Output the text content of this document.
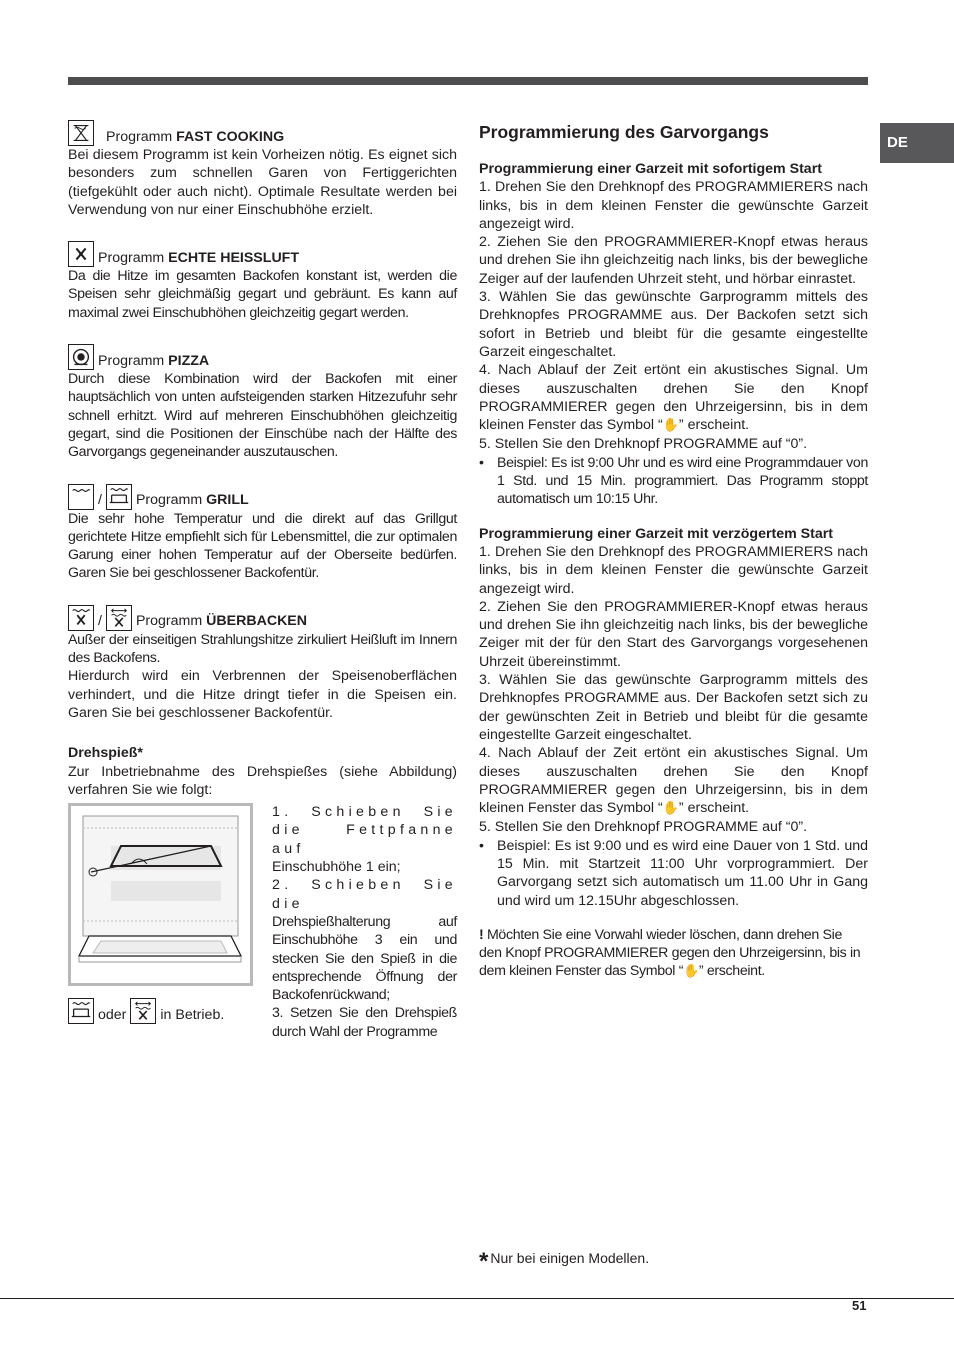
DE
Programm FAST COOKING

Bei diesem Programm ist kein Vorheizen nötig. Es eignet sich besonders zum schnellen Garen von Fertiggerichten (tiefgekühlt oder auch nicht). Optimale Resultate werden bei Verwendung von nur einer Einschubhöhe erzielt.

Programm ECHTE HEISSLUFT

Da die Hitze im gesamten Backofen konstant ist, werden die Speisen sehr gleichmäßig gegart und gebräunt. Es kann auf maximal zwei Einschubhöhen gleichzeitig gegart werden.

Programm PIZZA

Durch diese Kombination wird der Backofen mit einer hauptsächlich von unten aufsteigenden starken Hitzezufuhr sehr schnell erhitzt. Wird auf mehreren Einschubhöhen gleichzeitig gegart, sind die Positionen der Einschübe nach der Hälfte des Garvorgangs gegeneinander auszutauschen.

/ Programm GRILL

Die sehr hohe Temperatur und die direkt auf das Grillgut gerichtete Hitze empfiehlt sich für Lebensmittel, die zur optimalen Garung einer hohen Temperatur auf der Oberseite bedürfen. Garen Sie bei geschlossener Backofentür.

/ Programm ÜBERBACKEN

Außer der einseitigen Strahlungshitze zirkuliert Heißluft im Innern des Backofens.

Hierdurch wird ein Verbrennen der Speisenoberflächen verhindert, und die Hitze dringt tiefer in die Speisen ein. Garen Sie bei geschlossener Backofentür.

Drehspieß*

Zur Inbetriebnahme des Drehspießes (siehe Abbildung) verfahren Sie wie folgt:

1. Schieben Sie die Fettpfanne auf

Einschubhöhe 1 ein;

2. Schieben Sie die

Drehspießhalterung auf Einschubhöhe 3 ein und stecken Sie den Spieß in die entsprechende Öffnung der Backofenrückwand;

3. Setzen Sie den Drehspieß durch Wahl der Programme

oder in Betrieb.

Programmierung des Garvorgangs

Programmierung einer Garzeit mit sofortigem Start

1. Drehen Sie den Drehknopf des PROGRAMMIERERS nach links, bis in dem kleinen Fenster die gewünschte Garzeit angezeigt wird.

2. Ziehen Sie den PROGRAMMIERER-Knopf etwas heraus und drehen Sie ihn gleichzeitig nach links, bis der bewegliche Zeiger auf der laufenden Uhrzeit steht, und hörbar einrastet.

3. Wählen Sie das gewünschte Garprogramm mittels des Drehknopfes PROGRAMME aus. Der Backofen setzt sich sofort in Betrieb und bleibt für die gesamte eingestellte Garzeit eingeschaltet.

4. Nach Ablauf der Zeit ertönt ein akustisches Signal. Um dieses auszuschalten drehen Sie den Knopf PROGRAMMIERER gegen den Uhrzeigersinn, bis in dem kleinen Fenster das Symbol “✋” erscheint.

5. Stellen Sie den Drehknopf PROGRAMME auf “0”.

• Beispiel: Es ist 9:00 Uhr und es wird eine Programmdauer von 1 Std. und 15 Min. programmiert. Das Programm stoppt automatisch um 10:15 Uhr.

Programmierung einer Garzeit mit verzögertem Start

1. Drehen Sie den Drehknopf des PROGRAMMIERERS nach links, bis in dem kleinen Fenster die gewünschte Garzeit angezeigt wird.

2. Ziehen Sie den PROGRAMMIERER-Knopf etwas heraus und drehen Sie ihn gleichzeitig nach links, bis der bewegliche Zeiger mit der für den Start des Garvorgangs vorgesehenen Uhrzeit übereinstimmt.

3. Wählen Sie das gewünschte Garprogramm mittels des Drehknopfes PROGRAMME aus. Der Backofen setzt sich zu der gewünschten Zeit in Betrieb und bleibt für die gesamte eingestellte Garzeit eingeschaltet.

4. Nach Ablauf der Zeit ertönt ein akustisches Signal. Um dieses auszuschalten drehen Sie den Knopf PROGRAMMIERER gegen den Uhrzeigersinn, bis in dem kleinen Fenster das Symbol “✋” erscheint.

5. Stellen Sie den Drehknopf PROGRAMME auf “0”.

• Beispiel: Es ist 9:00 und es wird eine Dauer von 1 Std. und 15 Min. mit Startzeit 11:00 Uhr vorprogrammiert. Der Garvorgang setzt sich automatisch um 11.00 Uhr in Gang und wird um 12.15Uhr abgeschlossen.

! Möchten Sie eine Vorwahl wieder löschen, dann drehen Sie den Knopf PROGRAMMIERER gegen den Uhrzeigersinn, bis in dem kleinen Fenster das Symbol “✋” erscheint.

* Nur bei einigen Modellen.
51
